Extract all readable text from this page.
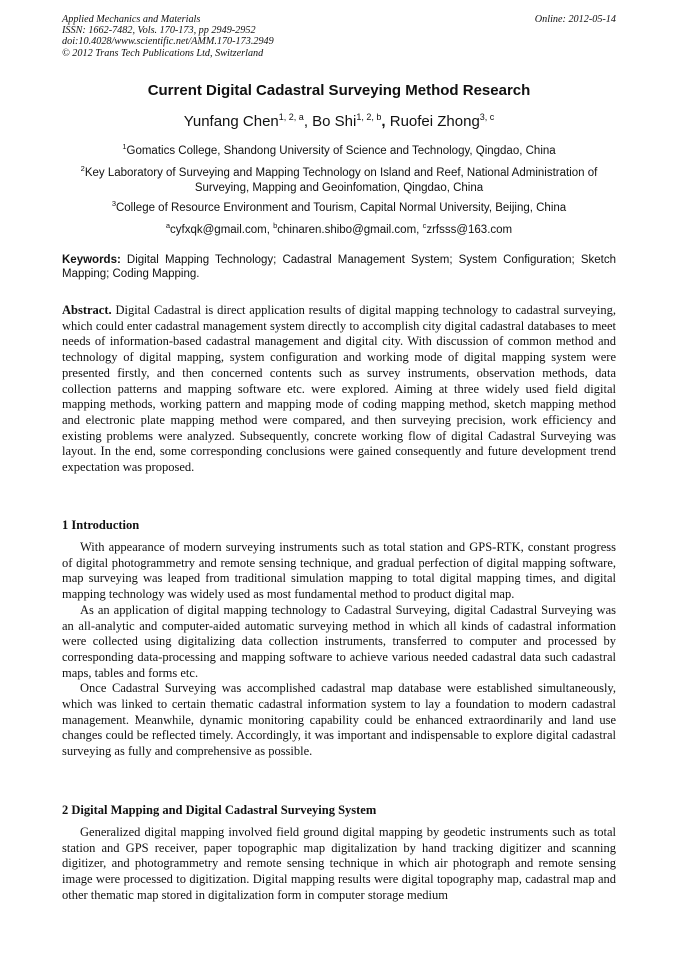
Applied Mechanics and Materials
ISSN: 1662-7482, Vols. 170-173, pp 2949-2952
doi:10.4028/www.scientific.net/AMM.170-173.2949
© 2012 Trans Tech Publications Ltd, Switzerland
Online: 2012-05-14
Current Digital Cadastral Surveying Method Research
Yunfang Chen$^{1, 2, a}$, Bo Shi$^{1, 2, b}$, Ruofei Zhong$^{3, c}$
$^1$Gomatics College, Shandong University of Science and Technology, Qingdao, China
$^2$Key Laboratory of Surveying and Mapping Technology on Island and Reef, National Administration of Surveying, Mapping and Geoinfomation, Qingdao, China
$^3$College of Resource Environment and Tourism, Capital Normal University, Beijing, China
$^a$cyfxqk@gmail.com, $^b$chinaren.shibo@gmail.com, $^c$zrfsss@163.com
Keywords: Digital Mapping Technology; Cadastral Management System; System Configuration; Sketch Mapping; Coding Mapping.

Abstract. Digital Cadastral is direct application results of digital mapping technology to cadastral surveying, which could enter cadastral management system directly to accomplish city digital cadastral databases to meet needs of information-based cadastral management and digital city. With discussion of common method and technology of digital mapping, system configuration and working mode of digital mapping system were presented firstly, and then concerned contents such as survey instruments, observation methods, data collection patterns and mapping software etc. were explored. Aiming at three widely used field digital mapping methods, working pattern and mapping mode of coding mapping method, sketch mapping method and electronic plate mapping method were compared, and then surveying precision, work efficiency and existing problems were analyzed. Subsequently, concrete working flow of digital Cadastral Surveying was layout. In the end, some corresponding conclusions were gained consequently and future development trend expectation was proposed.

1 Introduction

With appearance of modern surveying instruments such as total station and GPS-RTK, constant progress of digital photogrammetry and remote sensing technique, and gradual perfection of digital mapping software, map surveying was leaped from traditional simulation mapping to total digital mapping times, and digital mapping technology was widely used as most fundamental method to product digital map.

As an application of digital mapping technology to Cadastral Surveying, digital Cadastral Surveying was an all-analytic and computer-aided automatic surveying method in which all kinds of cadastral information were collected using digitalizing data collection instruments, transferred to computer and processed by corresponding data-processing and mapping software to achieve various needed cadastral data such cadastral maps, tables and forms etc.

Once Cadastral Surveying was accomplished cadastral map database were established simultaneously, which was linked to certain thematic cadastral information system to lay a foundation to modern cadastral management. Meanwhile, dynamic monitoring capability could be enhanced extraordinarily and land use changes could be reflected timely. Accordingly, it was important and indispensable to explore digital cadastral surveying as fully and comprehensive as possible.

2 Digital Mapping and Digital Cadastral Surveying System

Generalized digital mapping involved field ground digital mapping by geodetic instruments such as total station and GPS receiver, paper topographic map digitalization by hand tracking digitizer and scanning digitizer, and photogrammetry and remote sensing technique in which air photograph and remote sensing image were processed to digitization. Digital mapping results were digital topography map, cadastral map and other thematic map stored in digitalization form in computer storage medium
